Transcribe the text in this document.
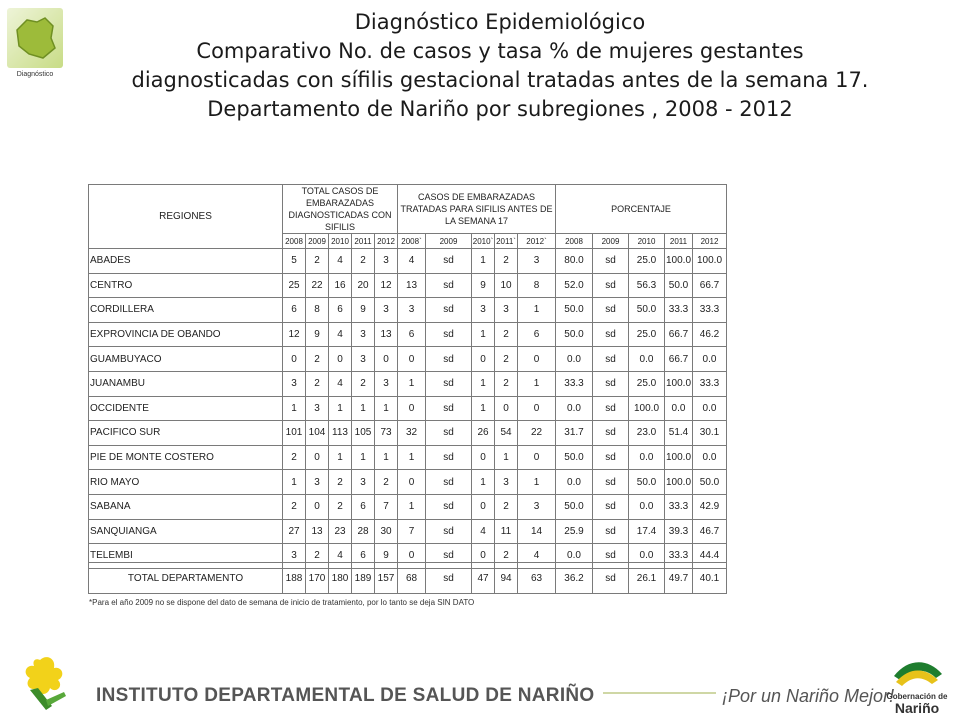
Diagnóstico
Diagnóstico Epidemiológico
Comparativo No. de casos y tasa % de mujeres gestantes
diagnosticadas con sífilis gestacional tratadas antes de la semana 17.
Departamento de Nariño por subregiones , 2008 - 2012
REGIONES	TOTAL CASOS DE EMBARAZADAS DIAGNOSTICADAS CON SIFILIS					CASOS DE EMBARAZADAS TRATADAS PARA SIFILIS ANTES DE LA SEMANA 17					PORCENTAJE				
	2008	2009	2010	2011	2012	2008`	2009	2010`	2011`	2012`	2008	2009	2010	2011	2012
ABADES	5	2	4	2	3	4	sd	1	2	3	80.0	sd	25.0	100.0	100.0
CENTRO	25	22	16	20	12	13	sd	9	10	8	52.0	sd	56.3	50.0	66.7
CORDILLERA	6	8	6	9	3	3	sd	3	3	1	50.0	sd	50.0	33.3	33.3
EXPROVINCIA DE OBANDO	12	9	4	3	13	6	sd	1	2	6	50.0	sd	25.0	66.7	46.2
GUAMBUYACO	0	2	0	3	0	0	sd	0	2	0	0.0	sd	0.0	66.7	0.0
JUANAMBU	3	2	4	2	3	1	sd	1	2	1	33.3	sd	25.0	100.0	33.3
OCCIDENTE	1	3	1	1	1	0	sd	1	0	0	0.0	sd	100.0	0.0	0.0
PACIFICO SUR	101	104	113	105	73	32	sd	26	54	22	31.7	sd	23.0	51.4	30.1
PIE DE MONTE COSTERO	2	0	1	1	1	1	sd	0	1	0	50.0	sd	0.0	100.0	0.0
RIO MAYO	1	3	2	3	2	0	sd	1	3	1	0.0	sd	50.0	100.0	50.0
SABANA	2	0	2	6	7	1	sd	0	2	3	50.0	sd	0.0	33.3	42.9
SANQUIANGA	27	13	23	28	30	7	sd	4	11	14	25.9	sd	17.4	39.3	46.7
TELEMBI	3	2	4	6	9	0	sd	0	2	4	0.0	sd	0.0	33.3	44.4
TOTAL DEPARTAMENTO	188	170	180	189	157	68	sd	47	94	63	36.2	sd	26.1	49.7	40.1
*Para el año 2009 no se dispone del dato de semana de inicio de tratamiento, por lo tanto se deja SIN DATO
INSTITUTO DEPARTAMENTAL DE SALUD DE NARIÑO	¡Por un Nariño Mejor!
Gobernación de
Nariño
